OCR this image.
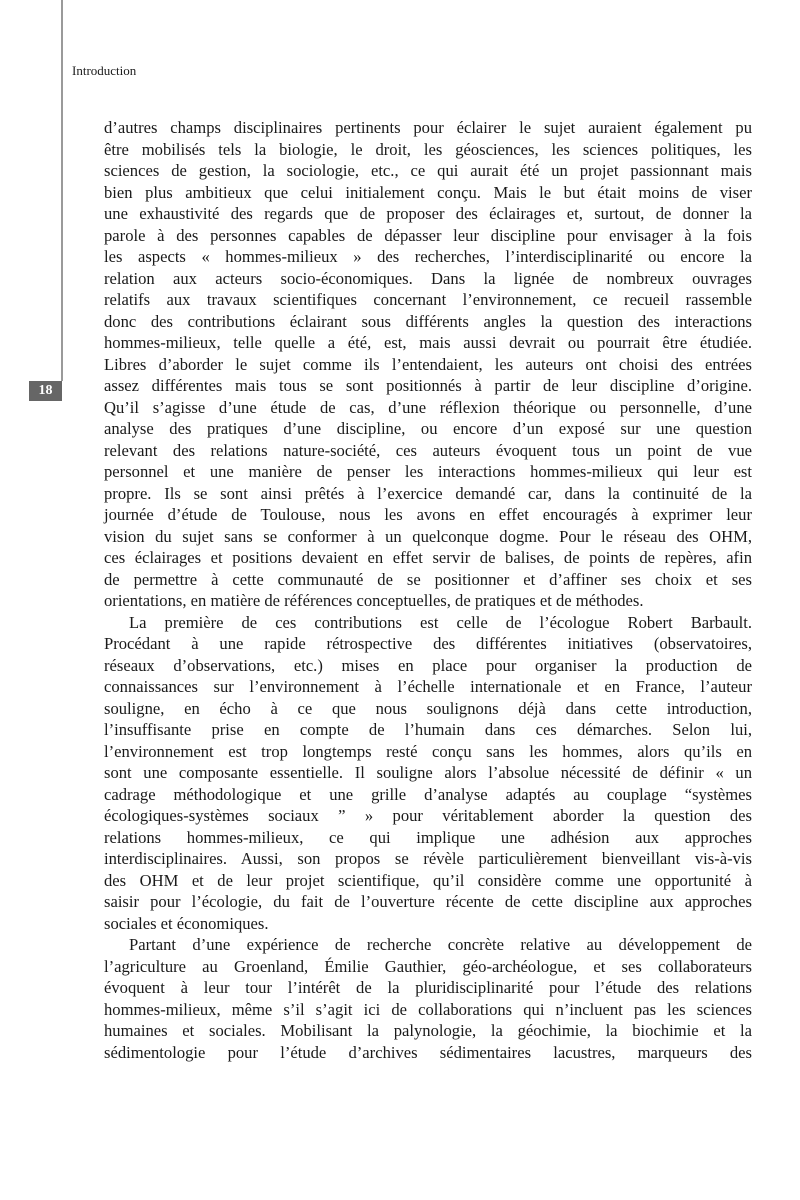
18
Introduction
d’autres champs disciplinaires pertinents pour éclairer le sujet auraient également pu
être mobilisés tels la biologie, le droit, les géosciences, les sciences politiques, les
sciences de gestion, la sociologie, etc., ce qui aurait été un projet passionnant mais
bien plus ambitieux que celui initialement conçu. Mais le but était moins de viser
une exhaustivité des regards que de proposer des éclairages et, surtout, de donner la
parole à des personnes capables de dépasser leur discipline pour envisager à la fois
les aspects « hommes-milieux » des recherches, l’interdisciplinarité ou encore la
relation aux acteurs socio-économiques. Dans la lignée de nombreux ouvrages
relatifs aux travaux scientifiques concernant l’environnement, ce recueil rassemble
donc des contributions éclairant sous différents angles la question des interactions
hommes-milieux, telle quelle a été, est, mais aussi devrait ou pourrait être étudiée.
Libres d’aborder le sujet comme ils l’entendaient, les auteurs ont choisi des entrées
assez différentes mais tous se sont positionnés à partir de leur discipline d’origine.
Qu’il s’agisse d’une étude de cas, d’une réflexion théorique ou personnelle, d’une
analyse des pratiques d’une discipline, ou encore d’un exposé sur une question
relevant des relations nature-société, ces auteurs évoquent tous un point de vue
personnel et une manière de penser les interactions hommes-milieux qui leur est
propre. Ils se sont ainsi prêtés à l’exercice demandé car, dans la continuité de la
journée d’étude de Toulouse, nous les avons en effet encouragés à exprimer leur
vision du sujet sans se conformer à un quelconque dogme. Pour le réseau des OHM,
ces éclairages et positions devaient en effet servir de balises, de points de repères, afin
de permettre à cette communauté de se positionner et d’affiner ses choix et ses
orientations, en matière de références conceptuelles, de pratiques et de méthodes.
La première de ces contributions est celle de l’écologue Robert Barbault.
Procédant à une rapide rétrospective des différentes initiatives (observatoires,
réseaux d’observations, etc.) mises en place pour organiser la production de
connaissances sur l’environnement à l’échelle internationale et en France, l’auteur
souligne, en écho à ce que nous soulignons déjà dans cette introduction,
l’insuffisante prise en compte de l’humain dans ces démarches. Selon lui,
l’environnement est trop longtemps resté conçu sans les hommes, alors qu’ils en
sont une composante essentielle. Il souligne alors l’absolue nécessité de définir « un
cadrage méthodologique et une grille d’analyse adaptés au couplage “systèmes
écologiques-systèmes sociaux ” » pour véritablement aborder la question des
relations hommes-milieux, ce qui implique une adhésion aux approches
interdisciplinaires. Aussi, son propos se révèle particulièrement bienveillant vis-à-vis
des OHM et de leur projet scientifique, qu’il considère comme une opportunité à
saisir pour l’écologie, du fait de l’ouverture récente de cette discipline aux approches
sociales et économiques.
Partant d’une expérience de recherche concrète relative au développement de
l’agriculture au Groenland, Émilie Gauthier, géo-archéologue, et ses collaborateurs
évoquent à leur tour l’intérêt de la pluridisciplinarité pour l’étude des relations
hommes-milieux, même s’il s’agit ici de collaborations qui n’incluent pas les sciences
humaines et sociales. Mobilisant la palynologie, la géochimie, la biochimie et la
sédimentologie pour l’étude d’archives sédimentaires lacustres, marqueurs des
